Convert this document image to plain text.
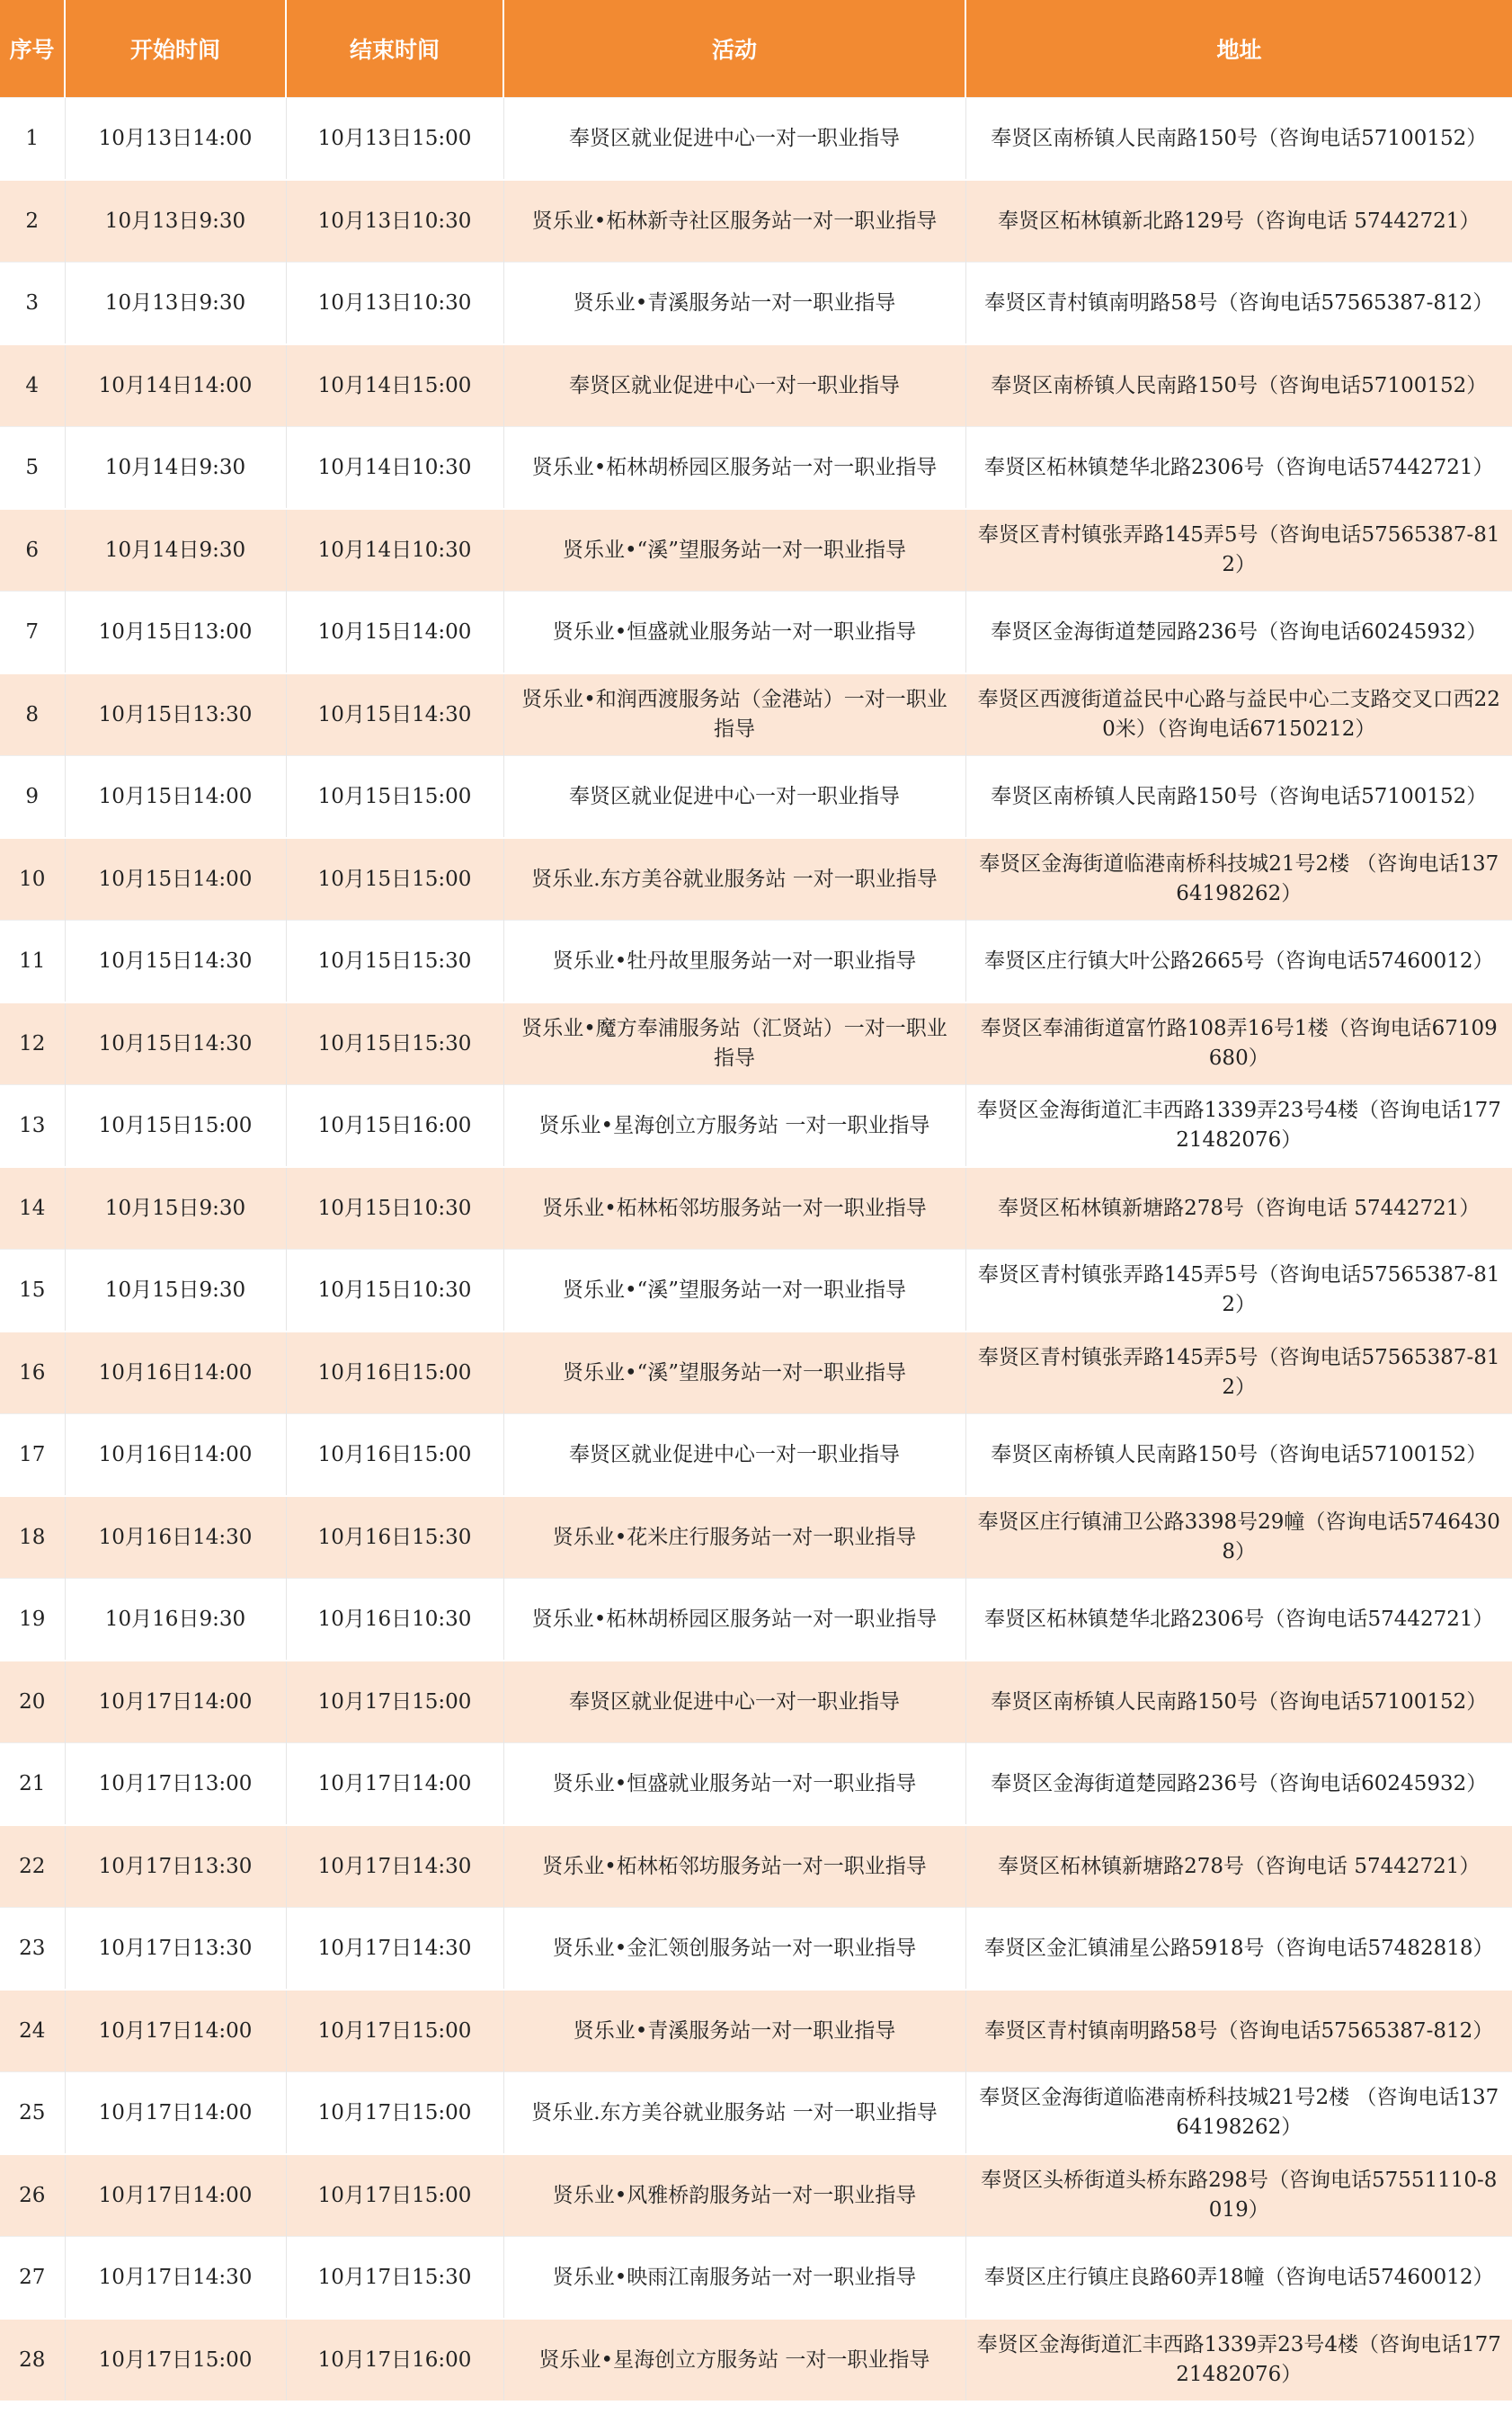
序号	开始时间	结束时间	活动	地址
1	10月13日14:00	10月13日15:00	奉贤区就业促进中心一对一职业指导	奉贤区南桥镇人民南路150号（咨询电话57100152）
2	10月13日9:30	10月13日10:30	贤乐业•柘林新寺社区服务站一对一职业指导	奉贤区柘林镇新北路129号（咨询电话 57442721）
3	10月13日9:30	10月13日10:30	贤乐业•青溪服务站一对一职业指导	奉贤区青村镇南明路58号（咨询电话57565387-812）
4	10月14日14:00	10月14日15:00	奉贤区就业促进中心一对一职业指导	奉贤区南桥镇人民南路150号（咨询电话57100152）
5	10月14日9:30	10月14日10:30	贤乐业•柘林胡桥园区服务站一对一职业指导	奉贤区柘林镇楚华北路2306号（咨询电话57442721）
6	10月14日9:30	10月14日10:30	贤乐业•“溪”望服务站一对一职业指导	奉贤区青村镇张弄路145弄5号（咨询电话57565387-812）
7	10月15日13:00	10月15日14:00	贤乐业•恒盛就业服务站一对一职业指导	奉贤区金海街道楚园路236号（咨询电话60245932）
8	10月15日13:30	10月15日14:30	贤乐业•和润西渡服务站（金港站）一对一职业指导	奉贤区西渡街道益民中心路与益民中心二支路交叉口西220米）（咨询电话67150212）
9	10月15日14:00	10月15日15:00	奉贤区就业促进中心一对一职业指导	奉贤区南桥镇人民南路150号（咨询电话57100152）
10	10月15日14:00	10月15日15:00	贤乐业.东方美谷就业服务站 一对一职业指导	奉贤区金海街道临港南桥科技城21号2楼 （咨询电话13764198262）
11	10月15日14:30	10月15日15:30	贤乐业•牡丹故里服务站一对一职业指导	奉贤区庄行镇大叶公路2665号（咨询电话57460012）
12	10月15日14:30	10月15日15:30	贤乐业•魔方奉浦服务站（汇贤站）一对一职业指导	奉贤区奉浦街道富竹路108弄16号1楼（咨询电话67109680）
13	10月15日15:00	10月15日16:00	贤乐业•星海创立方服务站 一对一职业指导	奉贤区金海街道汇丰西路1339弄23号4楼（咨询电话17721482076）
14	10月15日9:30	10月15日10:30	贤乐业•柘林柘邻坊服务站一对一职业指导	奉贤区柘林镇新塘路278号（咨询电话 57442721）
15	10月15日9:30	10月15日10:30	贤乐业•“溪”望服务站一对一职业指导	奉贤区青村镇张弄路145弄5号（咨询电话57565387-812）
16	10月16日14:00	10月16日15:00	贤乐业•“溪”望服务站一对一职业指导	奉贤区青村镇张弄路145弄5号（咨询电话57565387-812）
17	10月16日14:00	10月16日15:00	奉贤区就业促进中心一对一职业指导	奉贤区南桥镇人民南路150号（咨询电话57100152）
18	10月16日14:30	10月16日15:30	贤乐业•花米庄行服务站一对一职业指导	奉贤区庄行镇浦卫公路3398号29幢（咨询电话57464308）
19	10月16日9:30	10月16日10:30	贤乐业•柘林胡桥园区服务站一对一职业指导	奉贤区柘林镇楚华北路2306号（咨询电话57442721）
20	10月17日14:00	10月17日15:00	奉贤区就业促进中心一对一职业指导	奉贤区南桥镇人民南路150号（咨询电话57100152）
21	10月17日13:00	10月17日14:00	贤乐业•恒盛就业服务站一对一职业指导	奉贤区金海街道楚园路236号（咨询电话60245932）
22	10月17日13:30	10月17日14:30	贤乐业•柘林柘邻坊服务站一对一职业指导	奉贤区柘林镇新塘路278号（咨询电话 57442721）
23	10月17日13:30	10月17日14:30	贤乐业•金汇领创服务站一对一职业指导	奉贤区金汇镇浦星公路5918号（咨询电话57482818）
24	10月17日14:00	10月17日15:00	贤乐业•青溪服务站一对一职业指导	奉贤区青村镇南明路58号（咨询电话57565387-812）
25	10月17日14:00	10月17日15:00	贤乐业.东方美谷就业服务站 一对一职业指导	奉贤区金海街道临港南桥科技城21号2楼 （咨询电话13764198262）
26	10月17日14:00	10月17日15:00	贤乐业•风雅桥韵服务站一对一职业指导	奉贤区头桥街道头桥东路298号（咨询电话57551110-8019）
27	10月17日14:30	10月17日15:30	贤乐业•映雨江南服务站一对一职业指导	奉贤区庄行镇庄良路60弄18幢（咨询电话57460012）
28	10月17日15:00	10月17日16:00	贤乐业•星海创立方服务站 一对一职业指导	奉贤区金海街道汇丰西路1339弄23号4楼（咨询电话17721482076）
